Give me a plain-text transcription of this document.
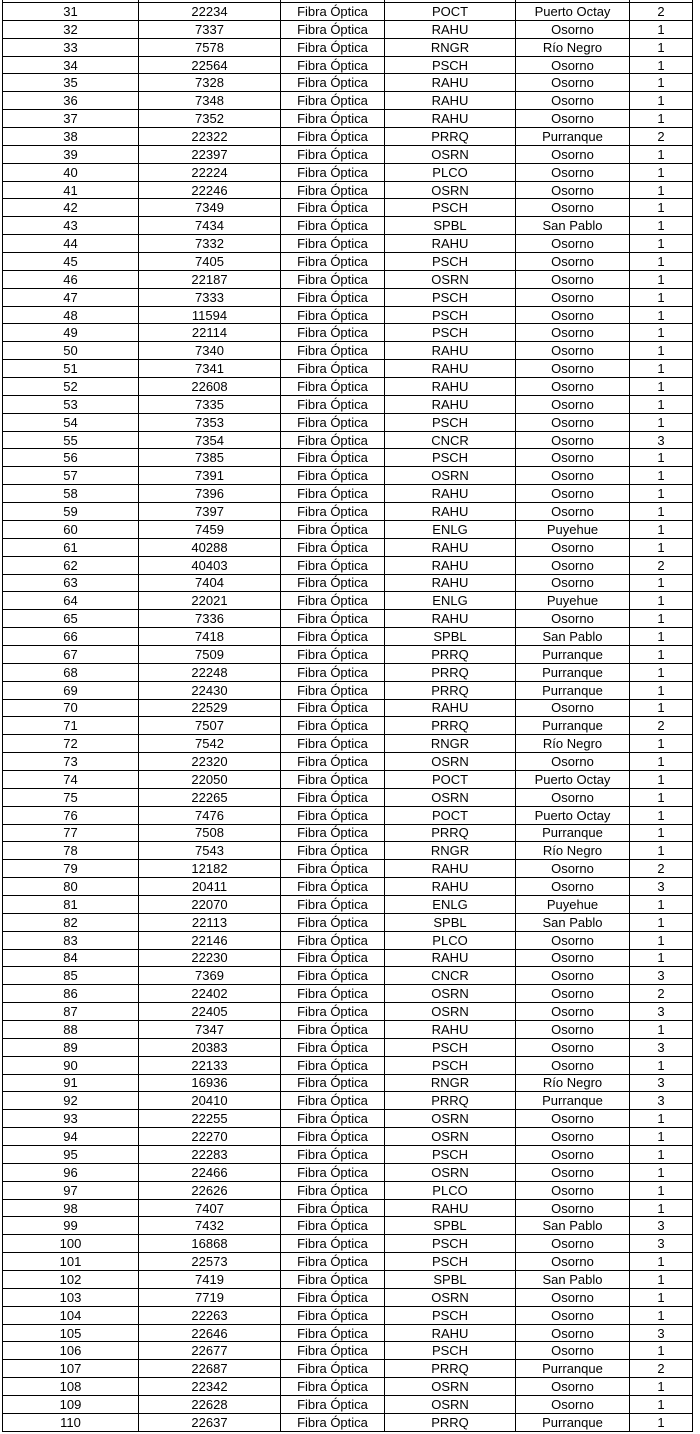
31	22234	Fibra Óptica	POCT	Puerto Octay	2
32	7337	Fibra Óptica	RAHU	Osorno	1
33	7578	Fibra Óptica	RNGR	Río Negro	1
34	22564	Fibra Óptica	PSCH	Osorno	1
35	7328	Fibra Óptica	RAHU	Osorno	1
36	7348	Fibra Óptica	RAHU	Osorno	1
37	7352	Fibra Óptica	RAHU	Osorno	1
38	22322	Fibra Óptica	PRRQ	Purranque	2
39	22397	Fibra Óptica	OSRN	Osorno	1
40	22224	Fibra Óptica	PLCO	Osorno	1
41	22246	Fibra Óptica	OSRN	Osorno	1
42	7349	Fibra Óptica	PSCH	Osorno	1
43	7434	Fibra Óptica	SPBL	San Pablo	1
44	7332	Fibra Óptica	RAHU	Osorno	1
45	7405	Fibra Óptica	PSCH	Osorno	1
46	22187	Fibra Óptica	OSRN	Osorno	1
47	7333	Fibra Óptica	PSCH	Osorno	1
48	11594	Fibra Óptica	PSCH	Osorno	1
49	22114	Fibra Óptica	PSCH	Osorno	1
50	7340	Fibra Óptica	RAHU	Osorno	1
51	7341	Fibra Óptica	RAHU	Osorno	1
52	22608	Fibra Óptica	RAHU	Osorno	1
53	7335	Fibra Óptica	RAHU	Osorno	1
54	7353	Fibra Óptica	PSCH	Osorno	1
55	7354	Fibra Óptica	CNCR	Osorno	3
56	7385	Fibra Óptica	PSCH	Osorno	1
57	7391	Fibra Óptica	OSRN	Osorno	1
58	7396	Fibra Óptica	RAHU	Osorno	1
59	7397	Fibra Óptica	RAHU	Osorno	1
60	7459	Fibra Óptica	ENLG	Puyehue	1
61	40288	Fibra Óptica	RAHU	Osorno	1
62	40403	Fibra Óptica	RAHU	Osorno	2
63	7404	Fibra Óptica	RAHU	Osorno	1
64	22021	Fibra Óptica	ENLG	Puyehue	1
65	7336	Fibra Óptica	RAHU	Osorno	1
66	7418	Fibra Óptica	SPBL	San Pablo	1
67	7509	Fibra Óptica	PRRQ	Purranque	1
68	22248	Fibra Óptica	PRRQ	Purranque	1
69	22430	Fibra Óptica	PRRQ	Purranque	1
70	22529	Fibra Óptica	RAHU	Osorno	1
71	7507	Fibra Óptica	PRRQ	Purranque	2
72	7542	Fibra Óptica	RNGR	Río Negro	1
73	22320	Fibra Óptica	OSRN	Osorno	1
74	22050	Fibra Óptica	POCT	Puerto Octay	1
75	22265	Fibra Óptica	OSRN	Osorno	1
76	7476	Fibra Óptica	POCT	Puerto Octay	1
77	7508	Fibra Óptica	PRRQ	Purranque	1
78	7543	Fibra Óptica	RNGR	Río Negro	1
79	12182	Fibra Óptica	RAHU	Osorno	2
80	20411	Fibra Óptica	RAHU	Osorno	3
81	22070	Fibra Óptica	ENLG	Puyehue	1
82	22113	Fibra Óptica	SPBL	San Pablo	1
83	22146	Fibra Óptica	PLCO	Osorno	1
84	22230	Fibra Óptica	RAHU	Osorno	1
85	7369	Fibra Óptica	CNCR	Osorno	3
86	22402	Fibra Óptica	OSRN	Osorno	2
87	22405	Fibra Óptica	OSRN	Osorno	3
88	7347	Fibra Óptica	RAHU	Osorno	1
89	20383	Fibra Óptica	PSCH	Osorno	3
90	22133	Fibra Óptica	PSCH	Osorno	1
91	16936	Fibra Óptica	RNGR	Río Negro	3
92	20410	Fibra Óptica	PRRQ	Purranque	3
93	22255	Fibra Óptica	OSRN	Osorno	1
94	22270	Fibra Óptica	OSRN	Osorno	1
95	22283	Fibra Óptica	PSCH	Osorno	1
96	22466	Fibra Óptica	OSRN	Osorno	1
97	22626	Fibra Óptica	PLCO	Osorno	1
98	7407	Fibra Óptica	RAHU	Osorno	1
99	7432	Fibra Óptica	SPBL	San Pablo	3
100	16868	Fibra Óptica	PSCH	Osorno	3
101	22573	Fibra Óptica	PSCH	Osorno	1
102	7419	Fibra Óptica	SPBL	San Pablo	1
103	7719	Fibra Óptica	OSRN	Osorno	1
104	22263	Fibra Óptica	PSCH	Osorno	1
105	22646	Fibra Óptica	RAHU	Osorno	3
106	22677	Fibra Óptica	PSCH	Osorno	1
107	22687	Fibra Óptica	PRRQ	Purranque	2
108	22342	Fibra Óptica	OSRN	Osorno	1
109	22628	Fibra Óptica	OSRN	Osorno	1
110	22637	Fibra Óptica	PRRQ	Purranque	1
